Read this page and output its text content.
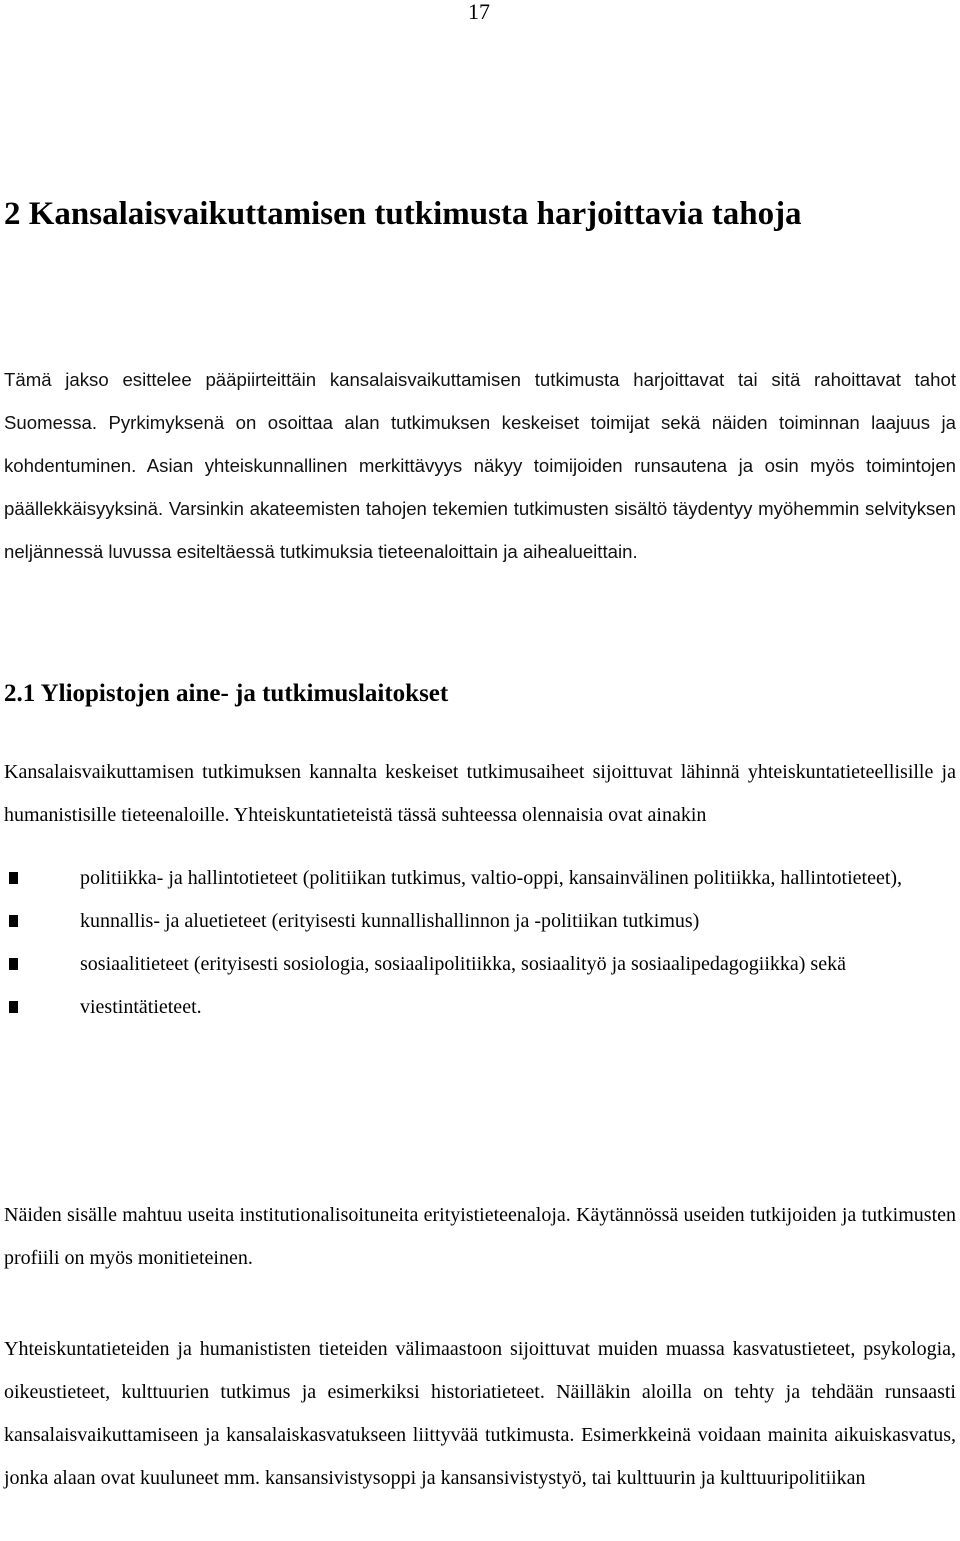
17
2 Kansalaisvaikuttamisen tutkimusta harjoittavia tahoja

Tämä jakso esittelee pääpiirteittäin kansalaisvaikuttamisen tutkimusta harjoittavat tai sitä rahoittavat tahot Suomessa. Pyrkimyksenä on osoittaa alan tutkimuksen keskeiset toimijat sekä näiden toiminnan laajuus ja kohdentuminen. Asian yhteiskunnallinen merkittävyys näkyy toimijoiden runsautena ja osin myös toimintojen päällekkäisyyksinä. Varsinkin akateemisten tahojen tekemien tutkimusten sisältö täydentyy myöhemmin selvityksen neljännessä luvussa esiteltäessä tutkimuksia tieteenaloittain ja aihealueittain.

2.1 Yliopistojen aine- ja tutkimuslaitokset

Kansalaisvaikuttamisen tutkimuksen kannalta keskeiset tutkimusaiheet sijoittuvat lähinnä yhteiskuntatieteellisille ja humanistisille tieteenaloille. Yhteiskuntatieteistä tässä suhteessa olennaisia ovat ainakin

politiikka- ja hallintotieteet (politiikan tutkimus, valtio-oppi, kansainvälinen politiikka, hallintotieteet),
kunnallis- ja aluetieteet (erityisesti kunnallishallinnon ja -politiikan tutkimus)
sosiaalitieteet (erityisesti sosiologia, sosiaalipolitiikka, sosiaalityö ja sosiaalipedagogiikka) sekä
viestintätieteet.

Näiden sisälle mahtuu useita institutionalisoituneita erityistieteenaloja. Käytännössä useiden tutkijoiden ja tutkimusten profiili on myös monitieteinen.

Yhteiskuntatieteiden ja humanististen tieteiden välimaastoon sijoittuvat muiden muassa kasvatustieteet, psykologia, oikeustieteet, kulttuurien tutkimus ja esimerkiksi historiatieteet. Näilläkin aloilla on tehty ja tehdään runsaasti kansalaisvaikuttamiseen ja kansalaiskasvatukseen liittyvää tutkimusta. Esimerkkeinä voidaan mainita aikuiskasvatus, jonka alaan ovat kuuluneet mm. kansansivistysoppi ja kansansivistystyö, tai kulttuurin ja kulttuuripolitiikan
